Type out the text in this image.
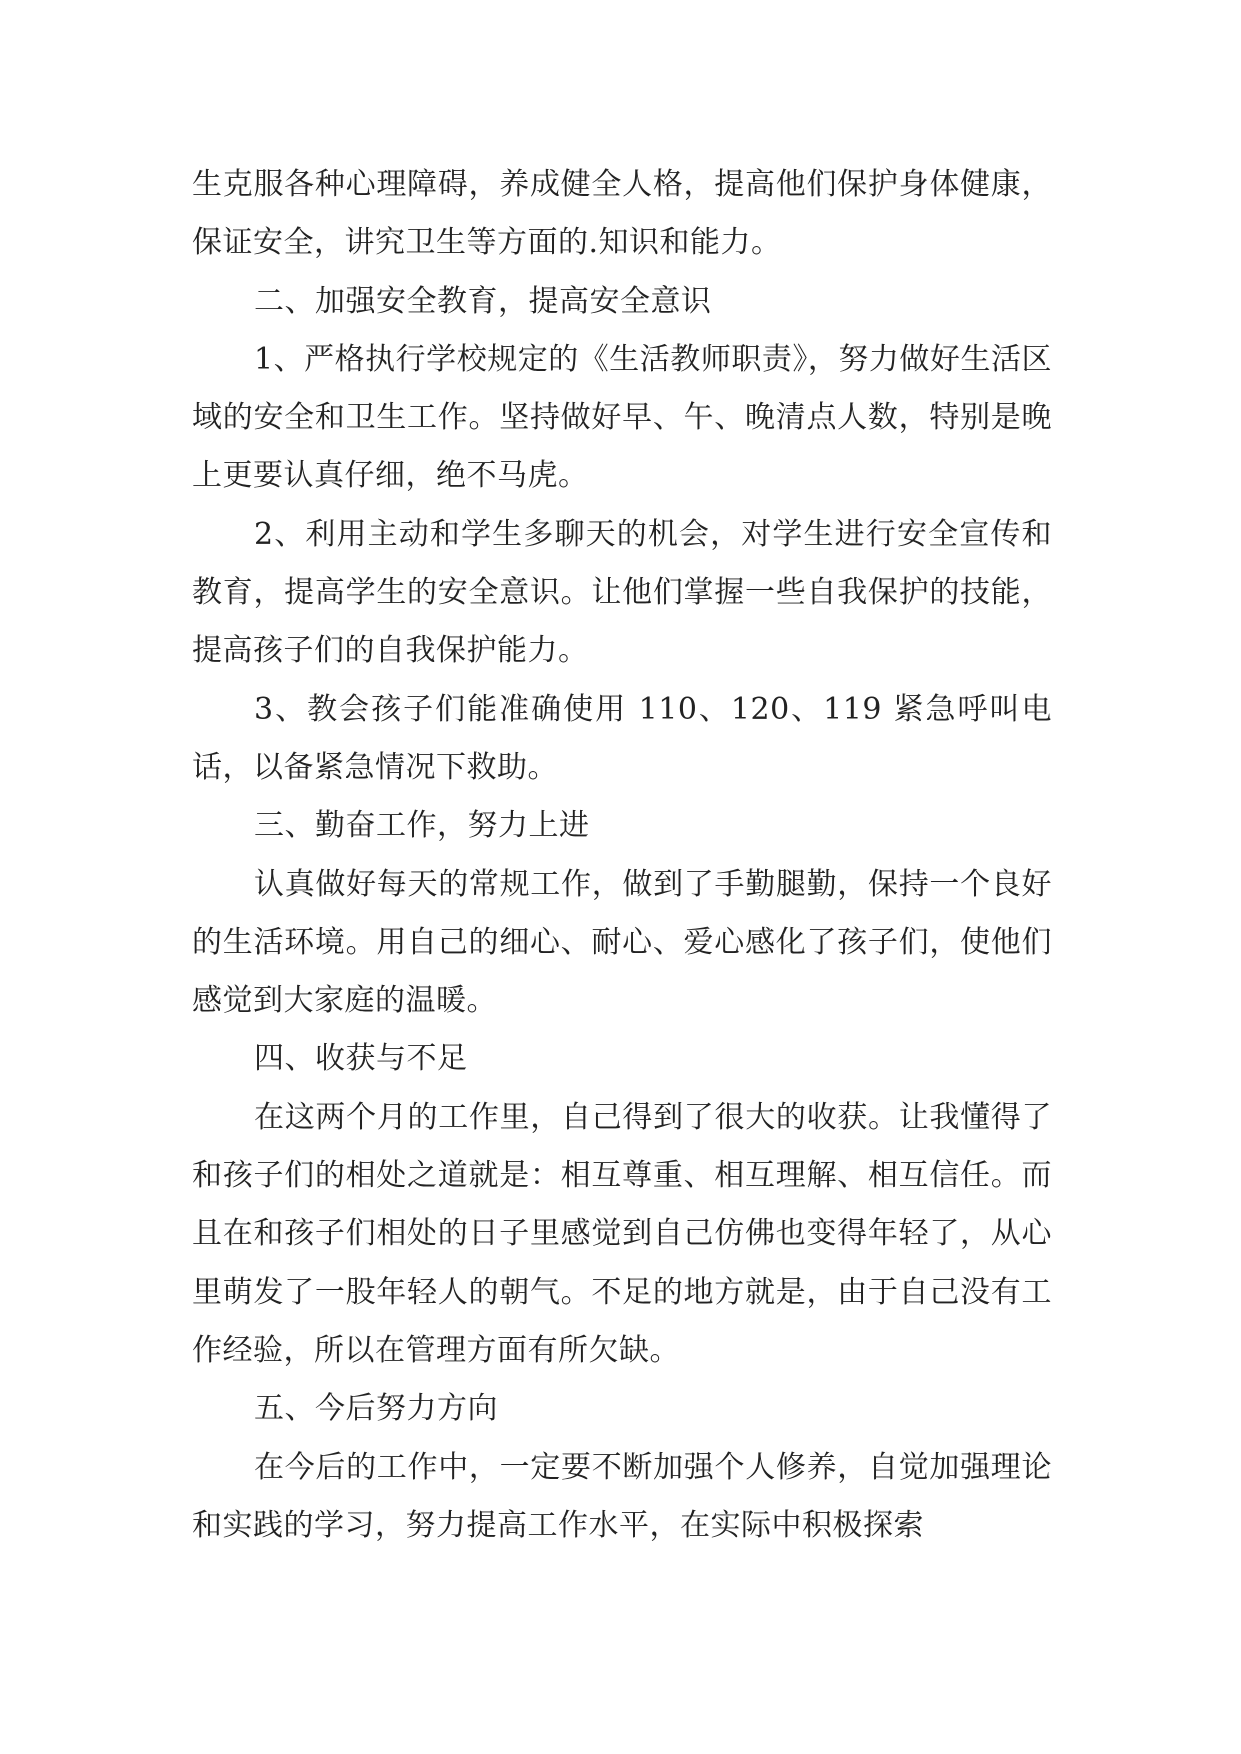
生克服各种心理障碍，养成健全人格，提高他们保护身体健康，保证安全，讲究卫生等方面的.知识和能力。

二、加强安全教育，提高安全意识

1、严格执行学校规定的《生活教师职责》，努力做好生活区域的安全和卫生工作。坚持做好早、午、晚清点人数，特别是晚上更要认真仔细，绝不马虎。

2、利用主动和学生多聊天的机会，对学生进行安全宣传和教育，提高学生的安全意识。让他们掌握一些自我保护的技能，提高孩子们的自我保护能力。

3、教会孩子们能准确使用 110、120、119 紧急呼叫电话，以备紧急情况下救助。

三、勤奋工作，努力上进

认真做好每天的常规工作，做到了手勤腿勤，保持一个良好的生活环境。用自己的细心、耐心、爱心感化了孩子们，使他们感觉到大家庭的温暖。

四、收获与不足

在这两个月的工作里，自己得到了很大的收获。让我懂得了和孩子们的相处之道就是：相互尊重、相互理解、相互信任。而且在和孩子们相处的日子里感觉到自己仿佛也变得年轻了，从心里萌发了一股年轻人的朝气。不足的地方就是，由于自己没有工作经验，所以在管理方面有所欠缺。

五、今后努力方向

在今后的工作中，一定要不断加强个人修养，自觉加强理论和实践的学习，努力提高工作水平，在实际中积极探索
